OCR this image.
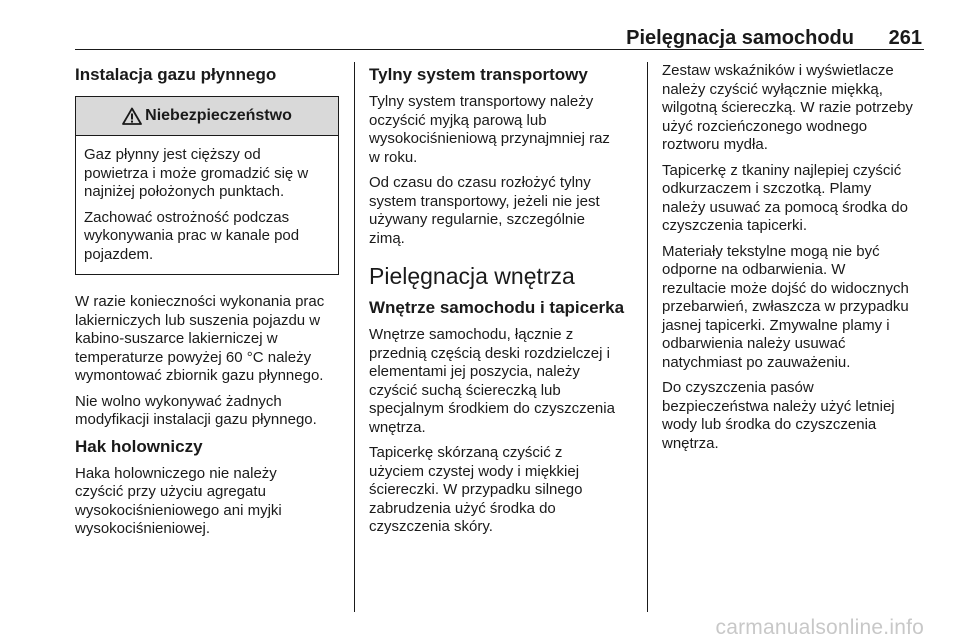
Pielęgnacja samochodu 261
Instalacja gazu płynnego
Niebezpieczeństwo

Gaz płynny jest cięższy od
powietrza i może gromadzić się w
najniżej położonych punktach.

Zachować ostrożność podczas
wykonywania prac w kanale pod
pojazdem.

W razie konieczności wykonania prac
lakierniczych lub suszenia pojazdu w
kabino-suszarce lakierniczej w
temperaturze powyżej 60 °C należy
wymontować zbiornik gazu płynnego.

Nie wolno wykonywać żadnych
modyfikacji instalacji gazu płynnego.

Hak holowniczy

Haka holowniczego nie należy
czyścić przy użyciu agregatu
wysokociśnieniowego ani myjki
wysokociśnieniowej.

Tylny system transportowy

Tylny system transportowy należy
oczyścić myjką parową lub
wysokociśnieniową przynajmniej raz
w roku.

Od czasu do czasu rozłożyć tylny
system transportowy, jeżeli nie jest
używany regularnie, szczególnie
zimą.

Pielęgnacja wnętrza
Wnętrze samochodu i tapicerka

Wnętrze samochodu, łącznie z
przednią częścią deski rozdzielczej i
elementami jej poszycia, należy
czyścić suchą ściereczką lub
specjalnym środkiem do czyszczenia
wnętrza.

Tapicerkę skórzaną czyścić z
użyciem czystej wody i miękkiej
ściereczki. W przypadku silnego
zabrudzenia użyć środka do
czyszczenia skóry.

Zestaw wskaźników i wyświetlacze
należy czyścić wyłącznie miękką,
wilgotną ściereczką. W razie potrzeby
użyć rozcieńczonego wodnego
roztworu mydła.

Tapicerkę z tkaniny najlepiej czyścić
odkurzaczem i szczotką. Plamy
należy usuwać za pomocą środka do
czyszczenia tapicerki.

Materiały tekstylne mogą nie być
odporne na odbarwienia. W
rezultacie może dojść do widocznych
przebarwień, zwłaszcza w przypadku
jasnej tapicerki. Zmywalne plamy i
odbarwienia należy usuwać
natychmiast po zauważeniu.

Do czyszczenia pasów
bezpieczeństwa należy użyć letniej
wody lub środka do czyszczenia
wnętrza.

carmanualsonline.info
